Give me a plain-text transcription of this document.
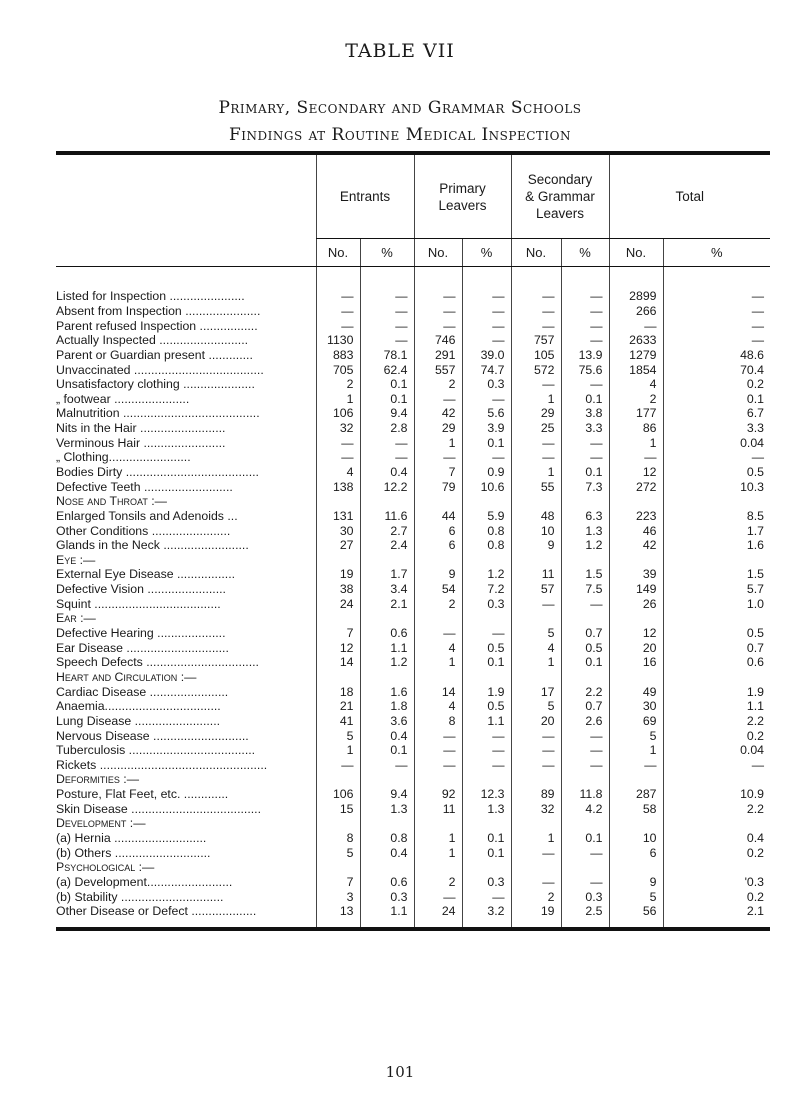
TABLE VII
Primary, Secondary and Grammar Schools
Findings at Routine Medical Inspection
	Entrants		Primary
Leavers		Secondary
& Grammar
Leavers		Total	
	No.	%	No.	%	No.	%	No.	%

Listed for Inspection ......................	—	—	—	—	—	—	2899	—
Absent from Inspection ......................	—	—	—	—	—	—	266	—
Parent refused Inspection .................	—	—	—	—	—	—	—	—
Actually Inspected ..........................	1130	—	746	—	757	—	2633	—
Parent or Guardian present .............	883	78.1	291	39.0	105	13.9	1279	48.6
Unvaccinated ......................................	705	62.4	557	74.7	572	75.6	1854	70.4
Unsatisfactory clothing .....................	2	0.1	2	0.3	—	—	4	0.2
„ footwear ......................	1	0.1	—	—	1	0.1	2	0.1
Malnutrition ........................................	106	9.4	42	5.6	29	3.8	177	6.7
Nits in the Hair .........................	32	2.8	29	3.9	25	3.3	86	3.3
Verminous Hair ........................	—	—	1	0.1	—	—	1	0.04
„ Clothing........................	—	—	—	—	—	—	—	—
Bodies Dirty .......................................	4	0.4	7	0.9	1	0.1	12	0.5
Defective Teeth ..........................	138	12.2	79	10.6	55	7.3	272	10.3
Nose and Throat :—								
Enlarged Tonsils and Adenoids ...	131	11.6	44	5.9	48	6.3	223	8.5
Other Conditions .......................	30	2.7	6	0.8	10	1.3	46	1.7
Glands in the Neck .........................	27	2.4	6	0.8	9	1.2	42	1.6
Eye :—								
External Eye Disease .................	19	1.7	9	1.2	11	1.5	39	1.5
Defective Vision .......................	38	3.4	54	7.2	57	7.5	149	5.7
Squint .....................................	24	2.1	2	0.3	—	—	26	1.0
Ear :—								
Defective Hearing ....................	7	0.6	—	—	5	0.7	12	0.5
Ear Disease ..............................	12	1.1	4	0.5	4	0.5	20	0.7
Speech Defects .................................	14	1.2	1	0.1	1	0.1	16	0.6
Heart and Circulation :—								
Cardiac Disease .......................	18	1.6	14	1.9	17	2.2	49	1.9
Anaemia..................................	21	1.8	4	0.5	5	0.7	30	1.1
Lung Disease .........................	41	3.6	8	1.1	20	2.6	69	2.2
Nervous Disease ............................	5	0.4	—	—	—	—	5	0.2
Tuberculosis .....................................	1	0.1	—	—	—	—	1	0.04
Rickets .................................................	—	—	—	—	—	—	—	—
Deformities :—								
Posture, Flat Feet, etc. .............	106	9.4	92	12.3	89	11.8	287	10.9
Skin Disease ......................................	15	1.3	11	1.3	32	4.2	58	2.2
Development :—								
(a) Hernia ...........................	8	0.8	1	0.1	1	0.1	10	0.4
(b) Others ............................	5	0.4	1	0.1	—	—	6	0.2
Psychological :—								
(a) Development.........................	7	0.6	2	0.3	—	—	9	'0.3
(b) Stability ..............................	3	0.3	—	—	2	0.3	5	0.2
Other Disease or Defect ...................	13	1.1	24	3.2	19	2.5	56	2.1

101
